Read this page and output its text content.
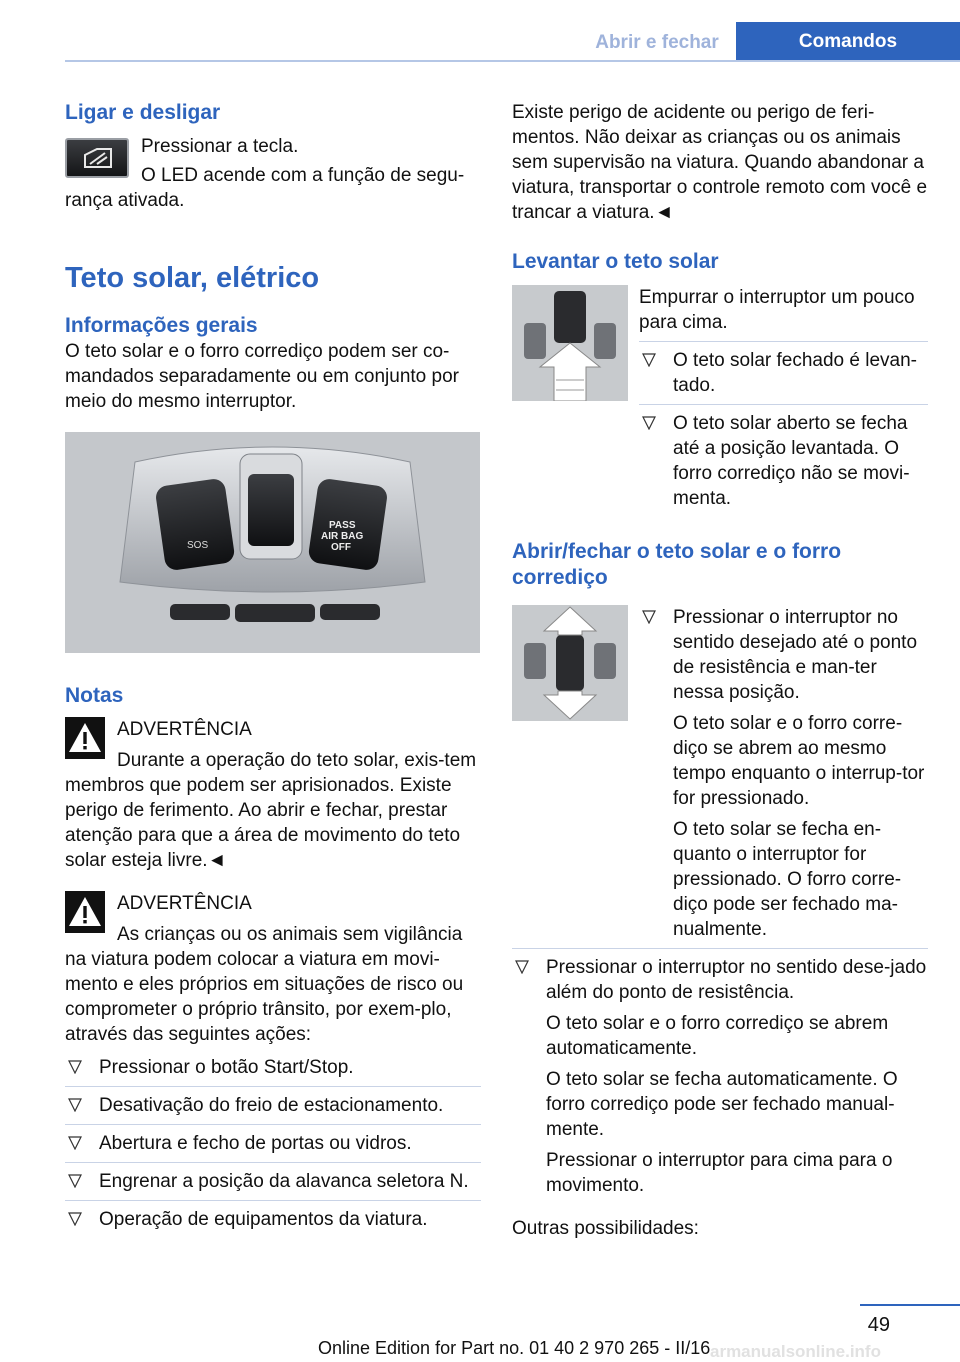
Abrir e fechar	Comandos
Ligar e desligar

Pressionar a tecla.

O LED acende com a função de segu‐rança ativada.

Teto solar, elétrico
Informações gerais

O teto solar e o forro corrediço podem ser co‐mandados separadamente ou em conjunto por meio do mesmo interruptor.

SOS
PASS
AIR BAG
OFF
Notas

ADVERTÊNCIA

Durante a operação do teto solar, exis‐tem membros que podem ser aprisionados. Existe perigo de ferimento. Ao abrir e fechar, prestar atenção para que a área de movimento do teto solar esteja livre.◄

ADVERTÊNCIA

As crianças ou os animais sem vigilância na viatura podem colocar a viatura em movi‐mento e eles próprios em situações de risco ou comprometer o próprio trânsito, por exem‐plo, através das seguintes ações:

Pressionar o botão Start/Stop.
Desativação do freio de estacionamento.
Abertura e fecho de portas ou vidros.
Engrenar a posição da alavanca seletora N.
Operação de equipamentos da viatura.

Existe perigo de acidente ou perigo de feri‐mentos. Não deixar as crianças ou os animais sem supervisão na viatura. Quando abandonar a viatura, transportar o controle remoto com você e trancar a viatura.◄

Levantar o teto solar

Empurrar o interruptor um pouco para cima.

O teto solar fechado é levan‐tado.
O teto solar aberto se fecha até a posição levantada. O forro corrediço não se movi‐menta.
Abrir/fechar o teto solar e o forro corrediço
Pressionar o interruptor no sentido desejado até o ponto de resistência e man‐ter nessa posição.

O teto solar e o forro corre‐diço se abrem ao mesmo tempo enquanto o interrup‐tor for pressionado.

O teto solar se fecha en‐quanto o interruptor for pressionado. O forro corre‐diço pode ser fechado ma‐nualmente.

Pressionar o interruptor no sentido dese‐jado além do ponto de resistência.

O teto solar e o forro corrediço se abrem automaticamente.

O teto solar se fecha automaticamente. O forro corrediço pode ser fechado manual‐mente.

Pressionar o interruptor para cima para o movimento.

Outras possibilidades:

49
Online Edition for Part no. 01 40 2 970 265 - II/16 armanualsonline.info
